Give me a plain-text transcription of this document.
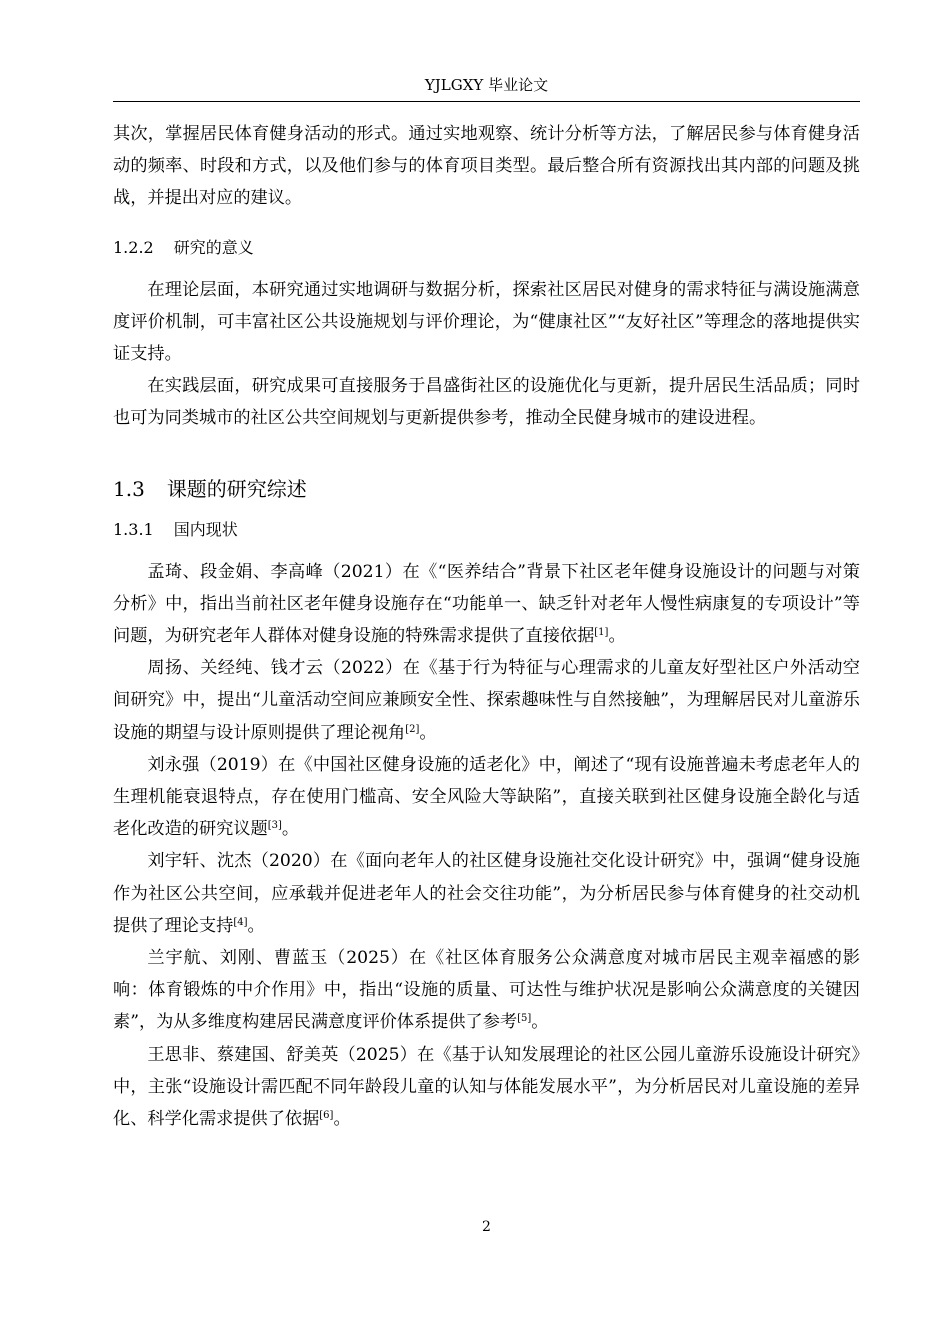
YJLGXY 毕业论文

其次，掌握居民体育健身活动的形式。通过实地观察、统计分析等方法，了解居民参与体育健身活动的频率、时段和方式，以及他们参与的体育项目类型。最后整合所有资源找出其内部的问题及挑战，并提出对应的建议。

1.2.2 研究的意义

在理论层面，本研究通过实地调研与数据分析，探索社区居民对健身的需求特征与满设施满意度评价机制，可丰富社区公共设施规划与评价理论，为“健康社区”“友好社区”等理念的落地提供实证支持。

在实践层面，研究成果可直接服务于昌盛街社区的设施优化与更新，提升居民生活品质；同时也可为同类城市的社区公共空间规划与更新提供参考，推动全民健身城市的建设进程。

1.3 课题的研究综述
1.3.1 国内现状

孟琦、段金娟、李高峰（2021）在《“医养结合”背景下社区老年健身设施设计的问题与对策分析》中，指出当前社区老年健身设施存在“功能单一、缺乏针对老年人慢性病康复的专项设计”等问题，为研究老年人群体对健身设施的特殊需求提供了直接依据[1]。

周扬、关经纯、钱才云（2022）在《基于行为特征与心理需求的儿童友好型社区户外活动空间研究》中，提出“儿童活动空间应兼顾安全性、探索趣味性与自然接触”，为理解居民对儿童游乐设施的期望与设计原则提供了理论视角[2]。

刘永强（2019）在《中国社区健身设施的适老化》中，阐述了“现有设施普遍未考虑老年人的生理机能衰退特点，存在使用门槛高、安全风险大等缺陷”，直接关联到社区健身设施全龄化与适老化改造的研究议题[3]。

刘宇轩、沈杰（2020）在《面向老年人的社区健身设施社交化设计研究》中，强调“健身设施作为社区公共空间，应承载并促进老年人的社会交往功能”，为分析居民参与体育健身的社交动机提供了理论支持[4]。

兰宇航、刘刚、曹蓝玉（2025）在《社区体育服务公众满意度对城市居民主观幸福感的影响：体育锻炼的中介作用》中，指出“设施的质量、可达性与维护状况是影响公众满意度的关键因素”，为从多维度构建居民满意度评价体系提供了参考[5]。

王思非、蔡建国、舒美英（2025）在《基于认知发展理论的社区公园儿童游乐设施设计研究》中，主张“设施设计需匹配不同年龄段儿童的认知与体能发展水平”，为分析居民对儿童设施的差异化、科学化需求提供了依据[6]。

2
